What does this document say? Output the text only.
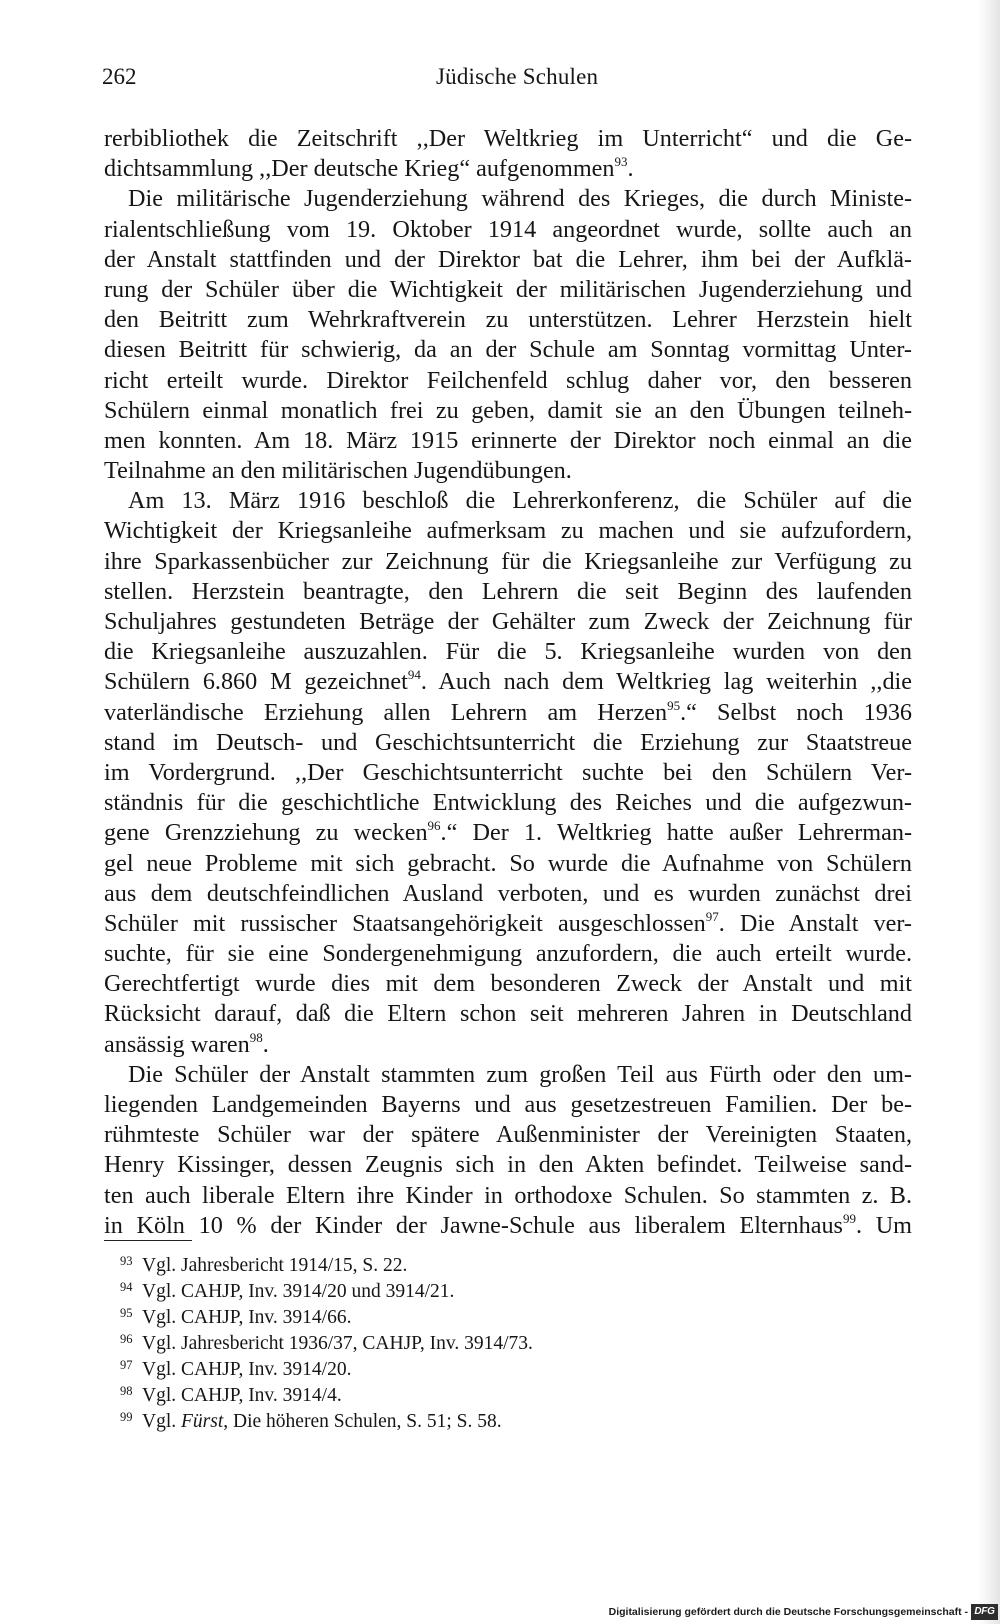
262	Jüdische Schulen
rerbibliothek die Zeitschrift ,,Der Weltkrieg im Unterricht“ und die Ge-
dichtsammlung ,,Der deutsche Krieg“ aufgenommen$^{93}$.
Die militärische Jugenderziehung während des Krieges, die durch Ministe-
rialentschließung vom 19. Oktober 1914 angeordnet wurde, sollte auch an
der Anstalt stattfinden und der Direktor bat die Lehrer, ihm bei der Aufklä-
rung der Schüler über die Wichtigkeit der militärischen Jugenderziehung und
den Beitritt zum Wehrkraftverein zu unterstützen. Lehrer Herzstein hielt
diesen Beitritt für schwierig, da an der Schule am Sonntag vormittag Unter-
richt erteilt wurde. Direktor Feilchenfeld schlug daher vor, den besseren
Schülern einmal monatlich frei zu geben, damit sie an den Übungen teilneh-
men konnten. Am 18. März 1915 erinnerte der Direktor noch einmal an die
Teilnahme an den militärischen Jugendübungen.
Am 13. März 1916 beschloß die Lehrerkonferenz, die Schüler auf die
Wichtigkeit der Kriegsanleihe aufmerksam zu machen und sie aufzufordern,
ihre Sparkassenbücher zur Zeichnung für die Kriegsanleihe zur Verfügung zu
stellen. Herzstein beantragte, den Lehrern die seit Beginn des laufenden
Schuljahres gestundeten Beträge der Gehälter zum Zweck der Zeichnung für
die Kriegsanleihe auszuzahlen. Für die 5. Kriegsanleihe wurden von den
Schülern 6.860 M gezeichnet$^{94}$. Auch nach dem Weltkrieg lag weiterhin ,,die
vaterländische Erziehung allen Lehrern am Herzen$^{95}$.“ Selbst noch 1936
stand im Deutsch- und Geschichtsunterricht die Erziehung zur Staatstreue
im Vordergrund. ,,Der Geschichtsunterricht suchte bei den Schülern Ver-
ständnis für die geschichtliche Entwicklung des Reiches und die aufgezwun-
gene Grenzziehung zu wecken$^{96}$.“ Der 1. Weltkrieg hatte außer Lehrerman-
gel neue Probleme mit sich gebracht. So wurde die Aufnahme von Schülern
aus dem deutschfeindlichen Ausland verboten, und es wurden zunächst drei
Schüler mit russischer Staatsangehörigkeit ausgeschlossen$^{97}$. Die Anstalt ver-
suchte, für sie eine Sondergenehmigung anzufordern, die auch erteilt wurde.
Gerechtfertigt wurde dies mit dem besonderen Zweck der Anstalt und mit
Rücksicht darauf, daß die Eltern schon seit mehreren Jahren in Deutschland
ansässig waren$^{98}$.
Die Schüler der Anstalt stammten zum großen Teil aus Fürth oder den um-
liegenden Landgemeinden Bayerns und aus gesetzestreuen Familien. Der be-
rühmteste Schüler war der spätere Außenminister der Vereinigten Staaten,
Henry Kissinger, dessen Zeugnis sich in den Akten befindet. Teilweise sand-
ten auch liberale Eltern ihre Kinder in orthodoxe Schulen. So stammten z. B.
in Köln 10 % der Kinder der Jawne-Schule aus liberalem Elternhaus$^{99}$. Um
93 Vgl. Jahresbericht 1914/15, S. 22.
94 Vgl. CAHJP, Inv. 3914/20 und 3914/21.
95 Vgl. CAHJP, Inv. 3914/66.
96 Vgl. Jahresbericht 1936/37, CAHJP, Inv. 3914/73.
97 Vgl. CAHJP, Inv. 3914/20.
98 Vgl. CAHJP, Inv. 3914/4.
99 Vgl. Fürst, Die höheren Schulen, S. 51; S. 58.
Digitalisierung gefördert durch die Deutsche Forschungsgemeinschaft - DFG
